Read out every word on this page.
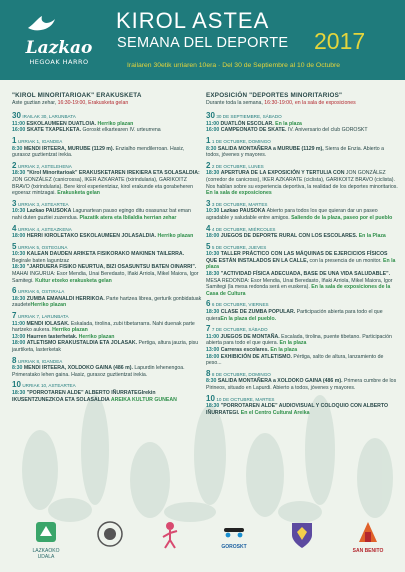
Lazkao
HEGOAK HARRO
KIROL ASTEA
SEMANA DEL DEPORTE 2017
Irailaren 30etik urriaren 10era · Del 30 de Septiembre al 10 de Octubre
"KIROL MINORITARIOAK" ERAKUSKETA
Aste guztian zehar, 16:30-19:00, Erakusketa gelan
30 IRAILAK 30, LARUNBATA
11:00 ESKOLAUMEEN DUATLOIA. Herriko plazan
16:00 SKATE TXAPELKETA. Goroskt elkartearen IV. urteurrena
1 URRIAK 1, IGANDEA
8:30 MENDI IRTEERA, MURUBE (1129 m). Enzialho mendilerroan. Hasiz, gurasoz guztientzat irekia.
2 URRIAK 2, ASTELEHENA
18:30 "Kirol Minoritarioak" ERAKUSKETAREN IREKIERA ETA SOLASALDIA: JON GONZÁLEZ (canicrossa), IKER AZKARATE (txirindularia), GARIKOITZ BRAVO (txirindularia). Bere kirol esperientziaz, kirol erakunde eta gorabeheren egoeraz mintzagai. Erakusketa gelan
3 URRIAK 3, ASTEARTEA
10:30 Lazkao PAUSOKA Lagunartean pauso egingo ditu osasunaz bat eman nahi duten guztiei zuzendua. Plazatik atera eta Ibilaldia herrian zehar
4 URRIAK 4, ASTEAZKENA
18:00 HERRI KIROLETAKO ESKOLAUMEEN JOLASALDIA. Herriko plazan
5 URRIAK 5, OSTEGUNA
10:30 KALEAN DAUDEN ARIKETA FISIKORAKO MAKINEN TAILERRA. Begirale baten laguntzaz
18:30 "JARDUERA FISIKO NEURTUA, BIZI OSASUNTSU BATEN OINARRI". MAHAI INGURUA: Esor Mendia, Unai Beredasto, Iñaki Arriola, Mikel Maiora, Igor Samitegi. Kultur etxeko erakusketa gelan
6 URRIAK 6, OSTIRALA
18:30 ZUMBA EMANALDI HERRIKOA. Parte hartzea librea, gerturik gonbidatuak zaudeteHerriko plazan
7 URRIAK 7, LARUNBATA
11:00 MENDI IOLASAK. Eskalada, tirolina, zubi tibetarrarra. Nahi duenak parte hartzeko aukera. Herriko plazan
13:00 Haurren tasterhetak. Herriko plazan
18:00 ATLETISMO ERAKUSTALDIA ETA JOLASAK. Pertiga, altura jauzia, pisu jaurtiketa, lasterketak
8 URRIAK 8, IGANDEA
8:30 MENDI IRTEERA, XOLDOKO GAINA (486 m). Lapurdin lehenengoa. Primeratako lehen gaina. Hasiz, gurasoz guztientzat irekia.
10 URRIAK 10, ASTEARTEA
18:30 "PORROTAREN ALDE" ALBERTO IÑURRATEGIrekin IKUSENTZUNEZKOA ETA SOLASALDIA AREIKA KULTUR GUNEAN
EXPOSICIÓN "DEPORTES MINORITARIOS"
Durante toda la semana, 16:30-19:00, en la sala de exposiciones
30 30 DE SEPTIEMBRE, SÁBADO
11:00 DUATLÓN ESCOLAR. En la plaza
16:00 CAMPEONATO DE SKATE. IV. Aniversario del club GOROSKT
1 1 DE OCTUBRE, DOMINGO
8:30 SALIDA MONTAÑERA a MURUBE (1129 m), Sierra de Enzia. Abierto a todos, jóvenes y mayores.
2 2 DE OCTUBRE, LUNES
18:30 APERTURA DE LA EXPOSICIÓN Y TERTULIA CON JON GONZÁLEZ (corredor de canicross), IKER AZKARATE (ciclista), GARIKOITZ BRAVO (ciclista). Nos hablan sobre su experiencia deportiva, la realidad de los deportes minoritarios. En la sala de exposiciones
3 3 DE OCTUBRE, MARTES
10:30 Lazkao PAUSOKA Abierto para todos los que quieran dar un paseo agradable y saludable entre amigos. Saliendo de la plaza, paseo por el pueblo
4 4 DE OCTUBRE, MIÉRCOLES
18:00 JUEGOS DE DEPORTE RURAL CON LOS ESCOLARES. En la Plaza
5 5 DE OCTUBRE, JUEVES
10:30 TALLER PRÁCTICO CON LAS MÁQUINAS DE EJERCICIOS FÍSICOS QUE ESTÁN INSTALADOS EN LA CALLE, con la presencia de un monitor. En la plaza
18:30 "ACTIVIDAD FÍSICA ADECUADA, BASE DE UNA VIDA SALUDABLE". MESA REDONDA: Esor Mendia, Unai Beredasto, Iñaki Arriola, Mikel Maiora, Igor Samitegi (la mesa redonda será en euskera). En la sala de exposiciones de la Casa de Cultura
6 6 DE OCTUBRE, VIERNES
18:30 CLASE DE ZUMBA POPULAR. Participación abierta para todo el que quieraEn la plaza del pueblo.
7 7 DE OCTUBRE, SÁBADO
11:00 JUEGOS DE MONTAÑA. Escalada, tirolina, puente tibetano. Participación abierta para todo el que quiera. En la plaza
13:00 Carreras escolares. En la plaza
18:00 EXHIBICIÓN DE ATLETISMO. Pértiga, salto de altura, lanzamiento de peso...
8 8 DE OCTUBRE, DOMINGO
8:30 SALIDA MONTAÑERA a XOLDOKO GAINA (486 m). Primera cumbre de los Pirineos, situado en Lapurdi. Abierto a todos, jóvenes y mayores.
10 10 DE OCTUBRE, MARTES
18:30 "PORROTAREN ALDE" AUDIOVISUAL Y COLOQUIO CON ALBERTO IÑURRATEGI. En el Centro Cultural Areika
LAZKAOKO UDALA
GOROSKT
SAN BENITO
